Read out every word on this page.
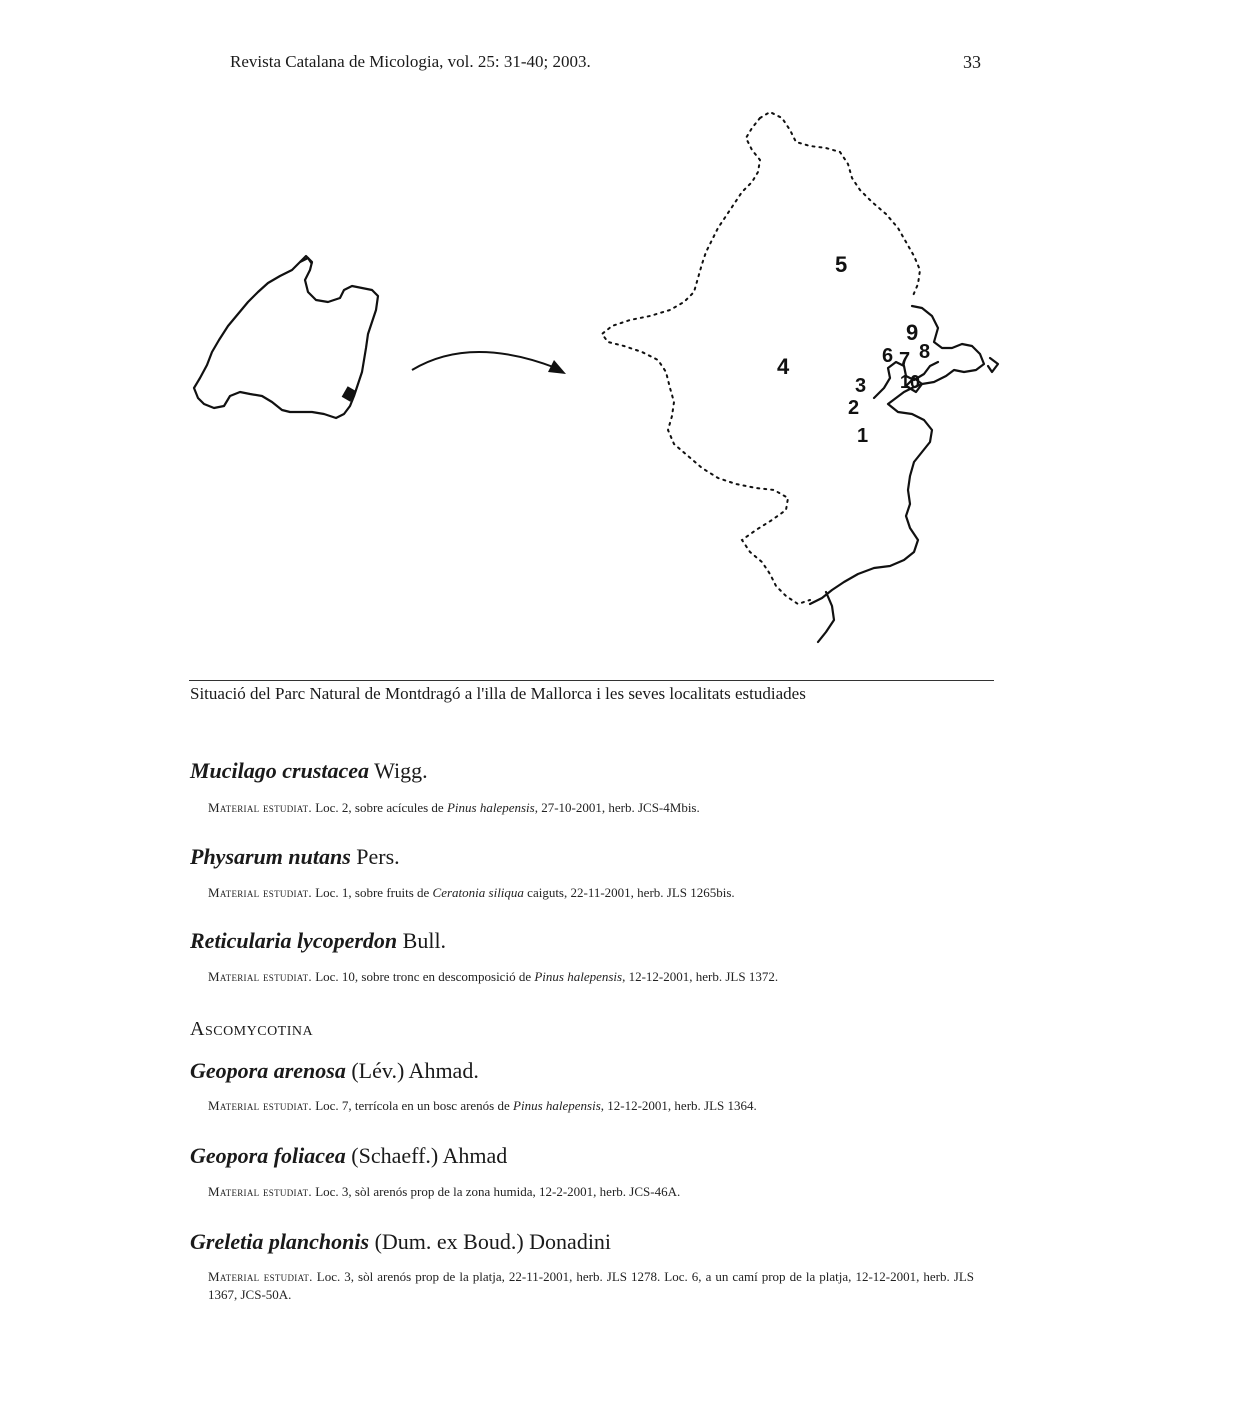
Revista Catalana de Micologia, vol. 25: 31-40; 2003.	33
1
2
3
4
5
6 7 8
9
10
Situació del Parc Natural de Montdragó a l'illa de Mallorca i les seves localitats estudiades
Mucilago crustacea Wigg.
Material estudiat. Loc. 2, sobre acícules de Pinus halepensis, 27-10-2001, herb. JCS-4Mbis.
Physarum nutans Pers.
Material estudiat. Loc. 1, sobre fruits de Ceratonia siliqua caiguts, 22-11-2001, herb. JLS 1265bis.
Reticularia lycoperdon Bull.
Material estudiat. Loc. 10, sobre tronc en descomposició de Pinus halepensis, 12-12-2001, herb. JLS 1372.
Ascomycotina
Geopora arenosa (Lév.) Ahmad.
Material estudiat. Loc. 7, terrícola en un bosc arenós de Pinus halepensis, 12-12-2001, herb. JLS 1364.
Geopora foliacea (Schaeff.) Ahmad
Material estudiat. Loc. 3, sòl arenós prop de la zona humida, 12-2-2001, herb. JCS-46A.
Greletia planchonis (Dum. ex Boud.) Donadini
Material estudiat. Loc. 3, sòl arenós prop de la platja, 22-11-2001, herb. JLS 1278. Loc. 6, a un camí prop de la platja, 12-12-2001, herb. JLS 1367, JCS-50A.
